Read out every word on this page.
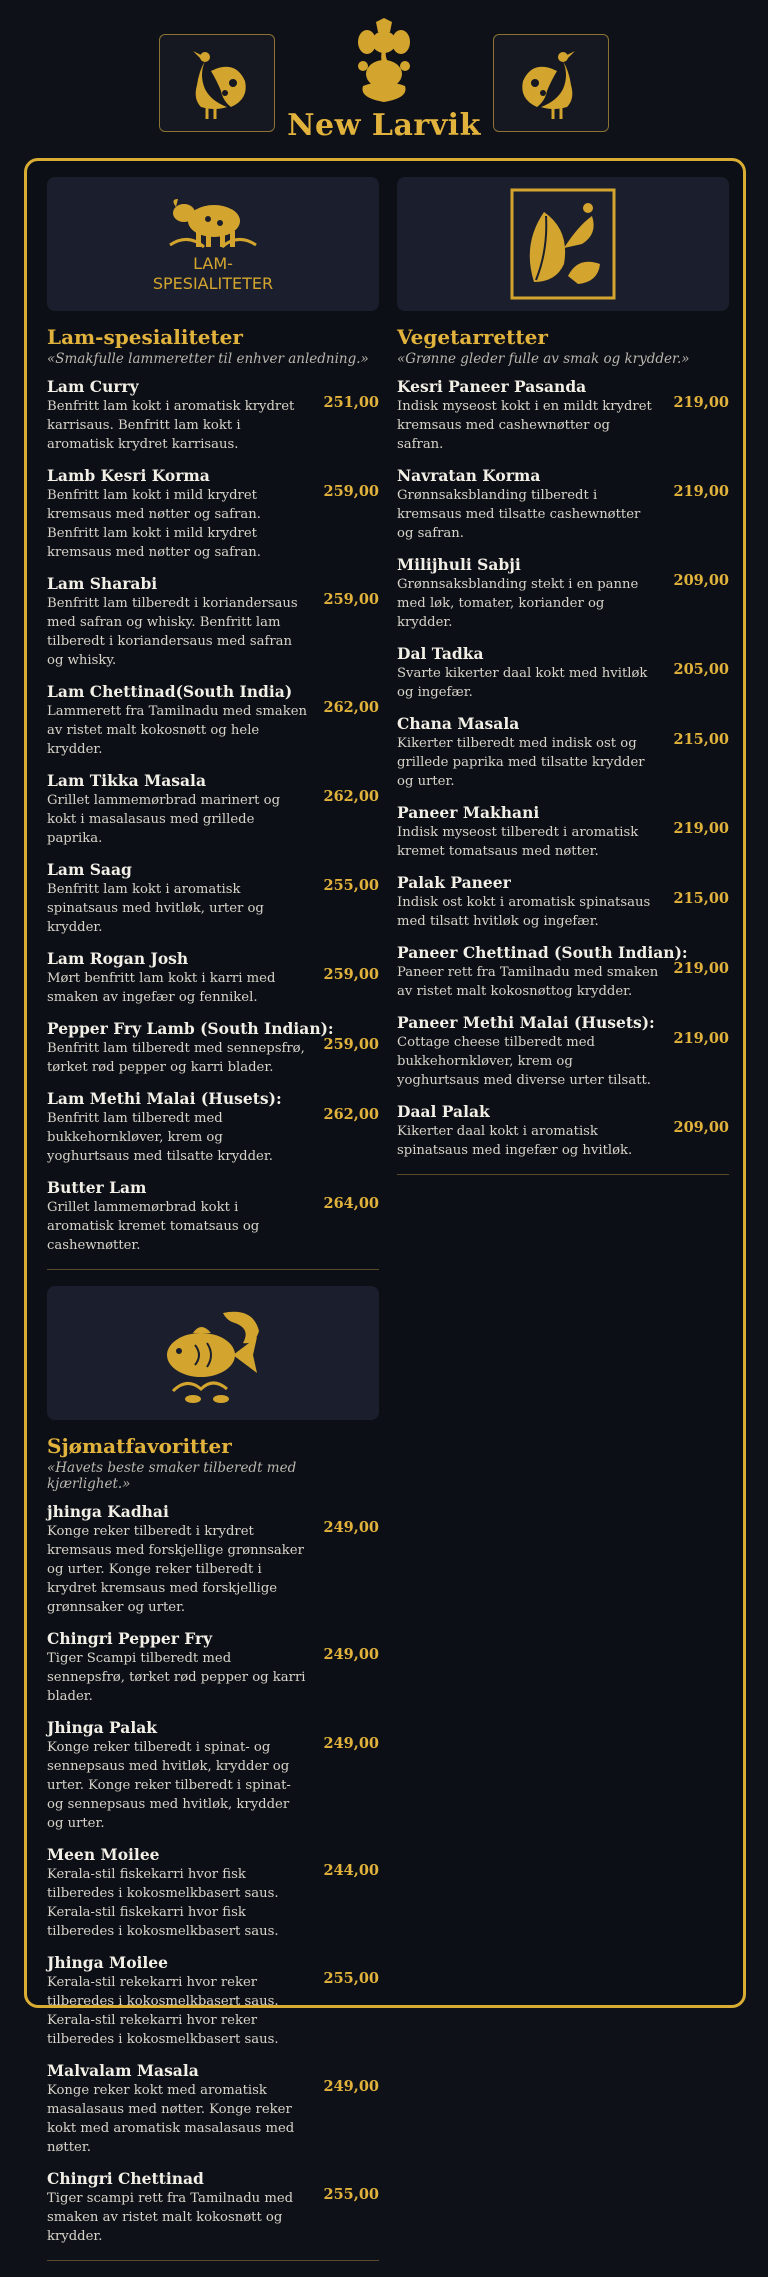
New Larvik
LAM-
SPESIALITETER
Lam-spesialiteter
«Smakfulle lammeretter til enhver anledning.»
Lam Curry
Benfritt lam kokt i aromatisk krydret karrisaus. Benfritt lam kokt i aromatisk krydret karrisaus.
251,00
Lamb Kesri Korma
Benfritt lam kokt i mild krydret kremsaus med nøtter og safran. Benfritt lam kokt i mild krydret kremsaus med nøtter og safran.
259,00
Lam Sharabi
Benfritt lam tilberedt i koriandersaus med safran og whisky. Benfritt lam tilberedt i koriandersaus med safran og whisky.
259,00
Lam Chettinad(South India)
Lammerett fra Tamilnadu med smaken av ristet malt kokosnøtt og hele krydder.
262,00
Lam Tikka Masala
Grillet lammemørbrad marinert og kokt i masalasaus med grillede paprika.
262,00
Lam Saag
Benfritt lam kokt i aromatisk spinatsaus med hvitløk, urter og krydder.
255,00
Lam Rogan Josh
Mørt benfritt lam kokt i karri med smaken av ingefær og fennikel.
259,00
Pepper Fry Lamb (South Indian):
Benfritt lam tilberedt med sennepsfrø, tørket rød pepper og karri blader.
259,00
Lam Methi Malai (Husets):
Benfritt lam tilberedt med bukkehornkløver, krem og yoghurtsaus med tilsatte krydder.
262,00
Butter Lam
Grillet lammemørbrad kokt i aromatisk kremet tomatsaus og cashewnøtter.
264,00
Sjømatfavoritter
«Havets beste smaker tilberedt med kjærlighet.»
jhinga Kadhai
Konge reker tilberedt i krydret kremsaus med forskjellige grønnsaker og urter. Konge reker tilberedt i krydret kremsaus med forskjellige grønnsaker og urter.
249,00
Chingri Pepper Fry
Tiger Scampi tilberedt med sennepsfrø, tørket rød pepper og karri blader.
249,00
Jhinga Palak
Konge reker tilberedt i spinat- og sennepsaus med hvitløk, krydder og urter. Konge reker tilberedt i spinat- og sennepsaus med hvitløk, krydder og urter.
249,00
Meen Moilee
Kerala-stil fiskekarri hvor fisk tilberedes i kokosmelkbasert saus. Kerala-stil fiskekarri hvor fisk tilberedes i kokosmelkbasert saus.
244,00
Jhinga Moilee
Kerala-stil rekekarri hvor reker tilberedes i kokosmelkbasert saus. Kerala-stil rekekarri hvor reker tilberedes i kokosmelkbasert saus.
255,00
Malvalam Masala
Konge reker kokt med aromatisk masalasaus med nøtter. Konge reker kokt med aromatisk masalasaus med nøtter.
249,00
Chingri Chettinad
Tiger scampi rett fra Tamilnadu med smaken av ristet malt kokosnøtt og krydder.
255,00
Vegetarretter
«Grønne gleder fulle av smak og krydder.»
Kesri Paneer Pasanda
Indisk myseost kokt i en mildt krydret kremsaus med cashewnøtter og safran.
219,00
Navratan Korma
Grønnsaksblanding tilberedt i kremsaus med tilsatte cashewnøtter og safran.
219,00
Milijhuli Sabji
Grønnsaksblanding stekt i en panne med løk, tomater, koriander og krydder.
209,00
Dal Tadka
Svarte kikerter daal kokt med hvitløk og ingefær.
205,00
Chana Masala
Kikerter tilberedt med indisk ost og grillede paprika med tilsatte krydder og urter.
215,00
Paneer Makhani
Indisk myseost tilberedt i aromatisk kremet tomatsaus med nøtter.
219,00
Palak Paneer
Indisk ost kokt i aromatisk spinatsaus med tilsatt hvitløk og ingefær.
215,00
Paneer Chettinad (South Indian):
Paneer rett fra Tamilnadu med smaken av ristet malt kokosnøttog krydder.
219,00
Paneer Methi Malai (Husets):
Cottage cheese tilberedt med bukkehornkløver, krem og yoghurtsaus med diverse urter tilsatt.
219,00
Daal Palak
Kikerter daal kokt i aromatisk spinatsaus med ingefær og hvitløk.
209,00
